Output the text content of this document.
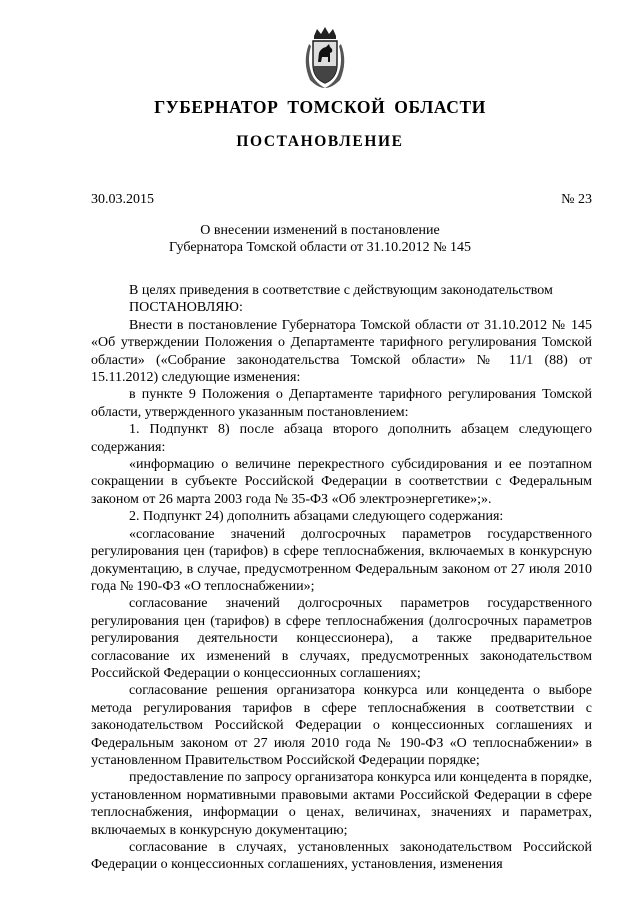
ГУБЕРНАТОР ТОМСКОЙ ОБЛАСТИ
ПОСТАНОВЛЕНИЕ
30.03.2015	№ 23
О внесении изменений в постановление
Губернатора Томской области от 31.10.2012 № 145

В целях приведения в соответствие с действующим законодательством

ПОСТАНОВЛЯЮ:

Внести в постановление Губернатора Томской области от 31.10.2012 № 145 «Об утверждении Положения о Департаменте тарифного регулирования Томской области» («Собрание законодательства Томской области» № 11/1 (88) от 15.11.2012) следующие изменения:

в пункте 9 Положения о Департаменте тарифного регулирования Томской области, утвержденного указанным постановлением:

1. Подпункт 8) после абзаца второго дополнить абзацем следующего содержания:

«информацию о величине перекрестного субсидирования и ее поэтапном сокращении в субъекте Российской Федерации в соответствии с Федеральным законом от 26 марта 2003 года № 35-ФЗ «Об электроэнергетике»;».

2. Подпункт 24) дополнить абзацами следующего содержания:

«согласование значений долгосрочных параметров государственного регулирования цен (тарифов) в сфере теплоснабжения, включаемых в конкурсную документацию, в случае, предусмотренном Федеральным законом от 27 июля 2010 года № 190-ФЗ «О теплоснабжении»;

согласование значений долгосрочных параметров государственного регулирования цен (тарифов) в сфере теплоснабжения (долгосрочных параметров регулирования деятельности концессионера), а также предварительное согласование их изменений в случаях, предусмотренных законодательством Российской Федерации о концессионных соглашениях;

согласование решения организатора конкурса или концедента о выборе метода регулирования тарифов в сфере теплоснабжения в соответствии с законодательством Российской Федерации о концессионных соглашениях и Федеральным законом от 27 июля 2010 года № 190-ФЗ «О теплоснабжении» в установленном Правительством Российской Федерации порядке;

предоставление по запросу организатора конкурса или концедента в порядке, установленном нормативными правовыми актами Российской Федерации в сфере теплоснабжения, информации о ценах, величинах, значениях и параметрах, включаемых в конкурсную документацию;

согласование в случаях, установленных законодательством Российской Федерации о концессионных соглашениях, установления, изменения
